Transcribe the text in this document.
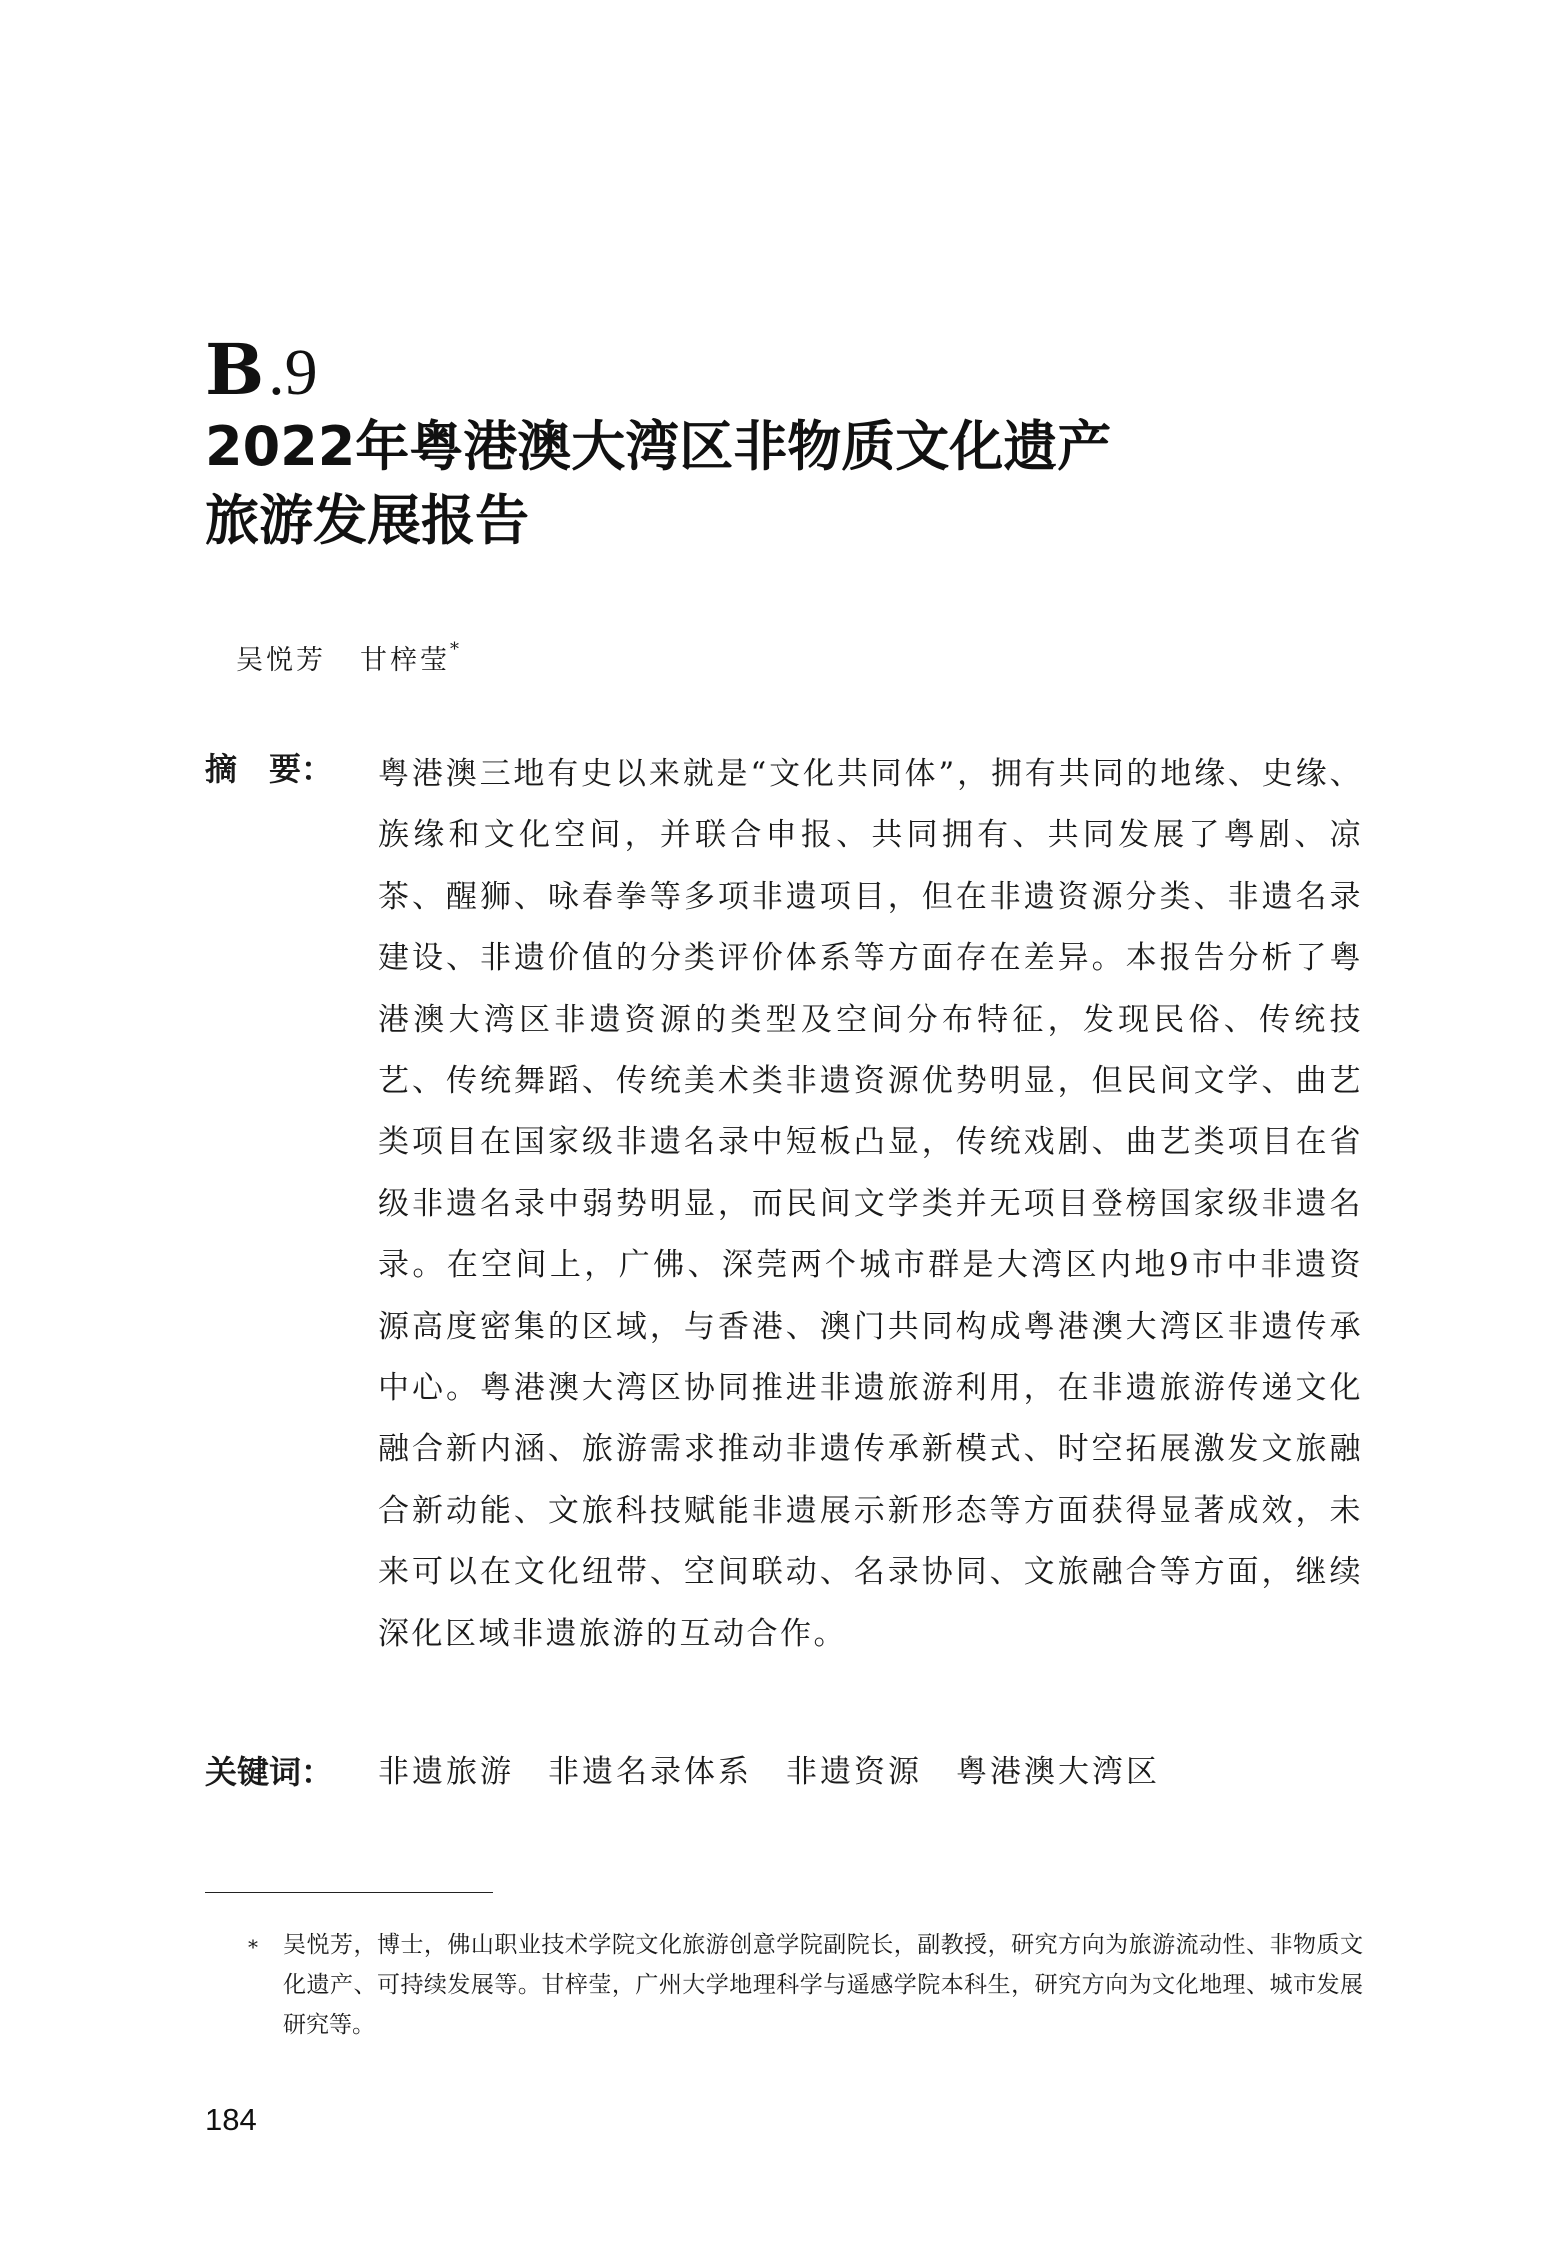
B.9
2022年粤港澳大湾区非物质文化遗产
旅游发展报告
吴悦芳 甘梓莹*
摘　要： 粤港澳三地有史以来就是“文化共同体”，拥有共同的地缘、史缘、族缘和文化空间，并联合申报、共同拥有、共同发展了粤剧、凉茶、醒狮、咏春拳等多项非遗项目，但在非遗资源分类、非遗名录建设、非遗价值的分类评价体系等方面存在差异。本报告分析了粤港澳大湾区非遗资源的类型及空间分布特征，发现民俗、传统技艺、传统舞蹈、传统美术类非遗资源优势明显，但民间文学、曲艺类项目在国家级非遗名录中短板凸显，传统戏剧、曲艺类项目在省级非遗名录中弱势明显，而民间文学类并无项目登榜国家级非遗名录。在空间上，广佛、深莞两个城市群是大湾区内地9市中非遗资源高度密集的区域，与香港、澳门共同构成粤港澳大湾区非遗传承中心。粤港澳大湾区协同推进非遗旅游利用，在非遗旅游传递文化融合新内涵、旅游需求推动非遗传承新模式、时空拓展激发文旅融合新动能、文旅科技赋能非遗展示新形态等方面获得显著成效，未来可以在文化纽带、空间联动、名录协同、文旅融合等方面，继续深化区域非遗旅游的互动合作。
关键词： 非遗旅游 非遗名录体系 非遗资源 粤港澳大湾区
* 吴悦芳，博士，佛山职业技术学院文化旅游创意学院副院长，副教授，研究方向为旅游流动性、非物质文化遗产、可持续发展等。甘梓莹，广州大学地理科学与遥感学院本科生，研究方向为文化地理、城市发展研究等。
184
